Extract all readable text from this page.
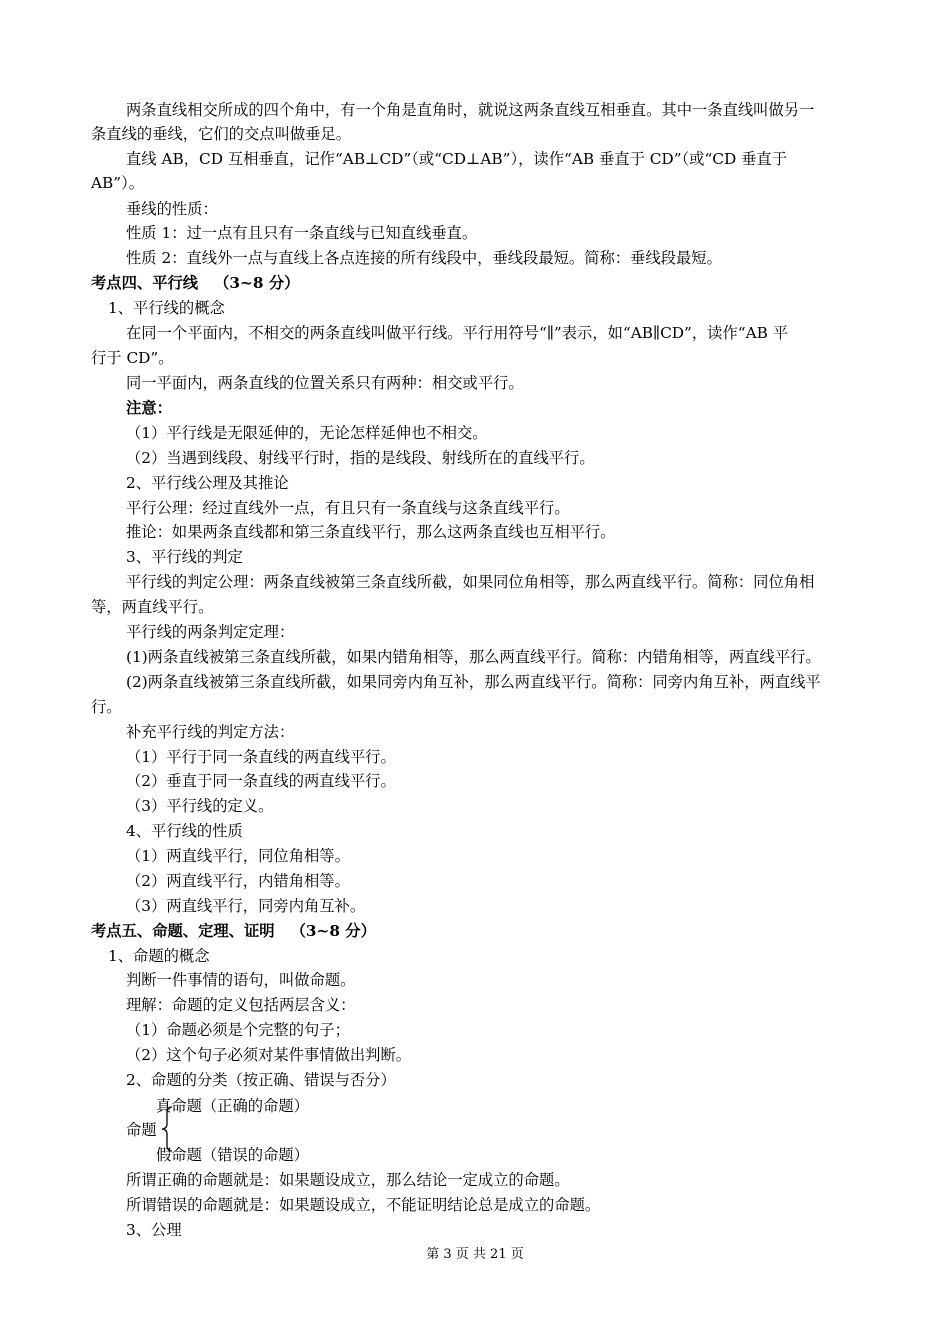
两条直线相交所成的四个角中，有一个角是直角时，就说这两条直线互相垂直。其中一条直线叫做另一
条直线的垂线，它们的交点叫做垂足。
直线 AB，CD 互相垂直，记作“AB⊥CD”（或“CD⊥AB”），读作“AB 垂直于 CD”（或“CD 垂直于
AB”）。
垂线的性质：
性质 1：过一点有且只有一条直线与已知直线垂直。
性质 2：直线外一点与直线上各点连接的所有线段中，垂线段最短。简称：垂线段最短。
考点四、平行线 （3~8 分）
1、平行线的概念
在同一个平面内，不相交的两条直线叫做平行线。平行用符号“∥”表示，如“AB∥CD”，读作“AB 平
行于 CD”。
同一平面内，两条直线的位置关系只有两种：相交或平行。
注意：
（1）平行线是无限延伸的，无论怎样延伸也不相交。
（2）当遇到线段、射线平行时，指的是线段、射线所在的直线平行。
2、平行线公理及其推论
平行公理：经过直线外一点，有且只有一条直线与这条直线平行。
推论：如果两条直线都和第三条直线平行，那么这两条直线也互相平行。
3、平行线的判定
平行线的判定公理：两条直线被第三条直线所截，如果同位角相等，那么两直线平行。简称：同位角相
等，两直线平行。
平行线的两条判定定理：
(1)两条直线被第三条直线所截，如果内错角相等，那么两直线平行。简称：内错角相等，两直线平行。
(2)两条直线被第三条直线所截，如果同旁内角互补，那么两直线平行。简称：同旁内角互补，两直线平
行。
补充平行线的判定方法：
（1）平行于同一条直线的两直线平行。
（2）垂直于同一条直线的两直线平行。
（3）平行线的定义。
4、平行线的性质
（1）两直线平行，同位角相等。
（2）两直线平行，内错角相等。
（3）两直线平行，同旁内角互补。
考点五、命题、定理、证明 （3~8 分）
1、命题的概念
判断一件事情的语句，叫做命题。
理解：命题的定义包括两层含义：
（1）命题必须是个完整的句子；
（2）这个句子必须对某件事情做出判断。
2、命题的分类（按正确、错误与否分）
真命题（正确的命题）
命题
假命题（错误的命题）
所谓正确的命题就是：如果题设成立，那么结论一定成立的命题。
所谓错误的命题就是：如果题设成立，不能证明结论总是成立的命题。
3、公理
第 3 页 共 21 页
